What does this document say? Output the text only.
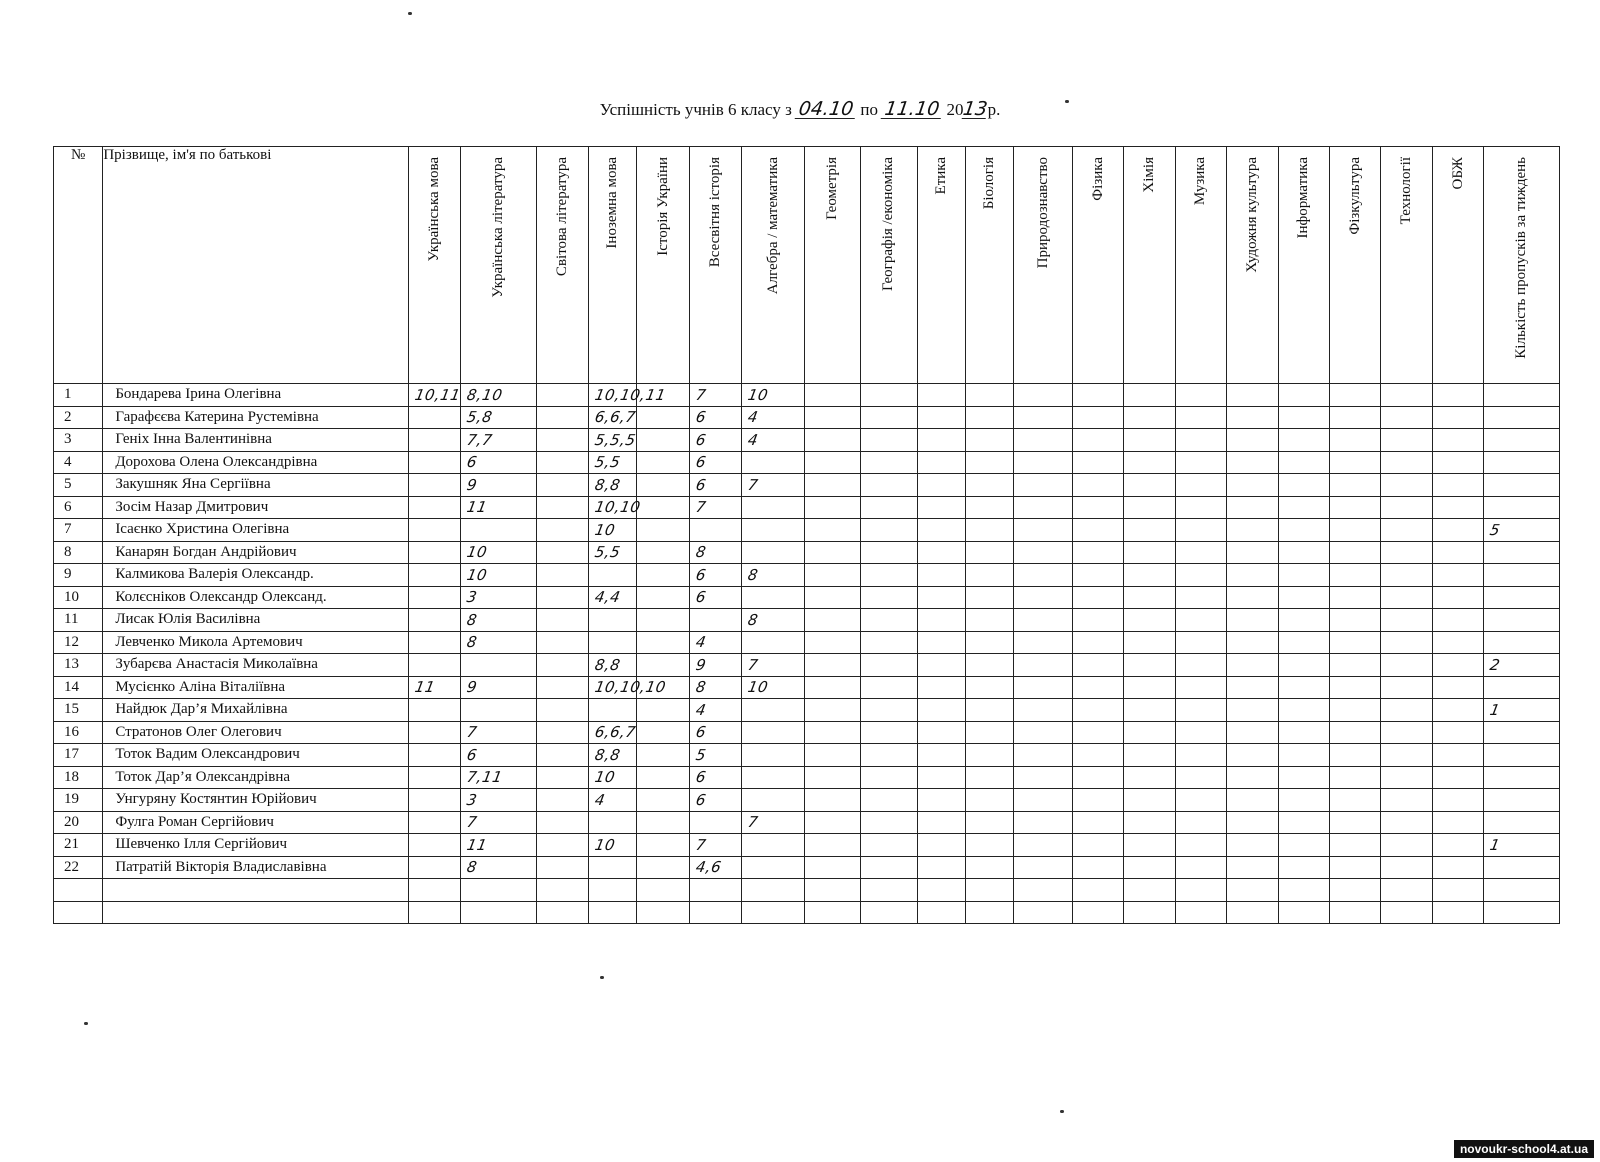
Успішність учнів 6 класу з 04.10 по 11.10 2013р.
№	Прізвище, ім'я по батькові	Українська мова	Українська література	Світова література	Іноземна мова	Історія України	Всесвітня історія	Алгебра / математика	Геометрія	Географія /економіка	Етика	Біологія	Природознавство	Фізика	Хімія	Музика	Художня культура	Інформатика	Фізкультура	Технології	ОБЖ	Кількість пропусків за тиждень
1	Бондарева Ірина Олегівна	10,11	8,10		10,10,11		7	10														
2	Гарафєєва Катерина Рустемівна		5,8		6,6,7		6	4														
3	Геніх Інна Валентинівна		7,7		5,5,5		6	4														
4	Дорохова Олена Олександрівна		6		5,5		6															
5	Закушняк Яна Сергіївна		9		8,8		6	7														
6	Зосім Назар Дмитрович		11		10,10		7															
7	Ісаєнко Христина Олегівна				10																	5
8	Канарян Богдан Андрійович		10		5,5		8															
9	Калмикова Валерія Олександр.		10				6	8														
10	Колєсніков Олександр Олександ.		3		4,4		6															
11	Лисак Юлія Василівна		8					8														
12	Левченко Микола Артемович		8				4															
13	Зубарєва Анастасія Миколаївна				8,8		9	7														2
14	Мусієнко Аліна Віталіївна	11	9		10,10,10		8	10														
15	Найдюк Дар’я Михайлівна						4															1
16	Стратонов Олег Олегович		7		6,6,7		6															
17	Тоток Вадим Олександрович		6		8,8		5															
18	Тоток Дар’я Олександрівна		7,11		10		6															
19	Унгуряну Костянтин Юрійович		3		4		6															
20	Фулга Роман Сергійович		7					7														
21	Шевченко Ілля Сергійович		11		10		7															1
22	Патратій Вікторія Владиславівна		8				4,6															

novoukr-school4.at.ua
